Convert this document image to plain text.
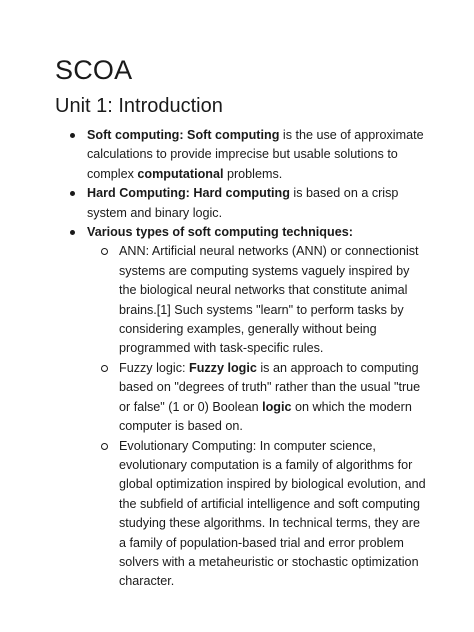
SCOA
Unit 1: Introduction
Soft computing: Soft computing is the use of approximate calculations to provide imprecise but usable solutions to complex computational problems.
Hard Computing: Hard computing is based on a crisp system and binary logic.
Various types of soft computing techniques:
ANN: Artificial neural networks (ANN) or connectionist systems are computing systems vaguely inspired by the biological neural networks that constitute animal brains.[1] Such systems "learn" to perform tasks by considering examples, generally without being programmed with task-specific rules.
Fuzzy logic: Fuzzy logic is an approach to computing based on "degrees of truth" rather than the usual "true or false" (1 or 0) Boolean logic on which the modern computer is based on.
Evolutionary Computing: In computer science, evolutionary computation is a family of algorithms for global optimization inspired by biological evolution, and the subfield of artificial intelligence and soft computing studying these algorithms. In technical terms, they are a family of population-based trial and error problem solvers with a metaheuristic or stochastic optimization character.
